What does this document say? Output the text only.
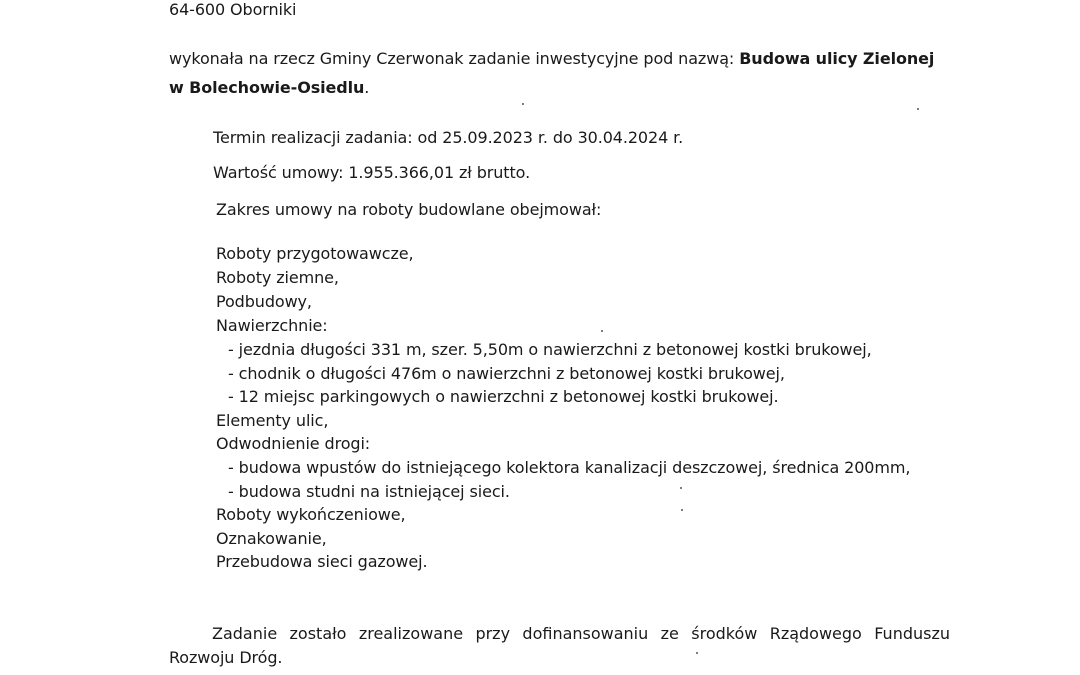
64-600 Oborniki
wykonała na rzecz Gminy Czerwonak zadanie inwestycyjne pod nazwą: Budowa ulicy Zielonej
w Bolechowie-Osiedlu.
Termin realizacji zadania: od 25.09.2023 r. do 30.04.2024 r.
Wartość umowy: 1.955.366,01 zł brutto.
Zakres umowy na roboty budowlane obejmował:
Roboty przygotowawcze,
Roboty ziemne,
Podbudowy,
Nawierzchnie:
- jezdnia długości 331 m, szer. 5,50m o nawierzchni z betonowej kostki brukowej,
- chodnik o długości 476m o nawierzchni z betonowej kostki brukowej,
- 12 miejsc parkingowych o nawierzchni z betonowej kostki brukowej.
Elementy ulic,
Odwodnienie drogi:
- budowa wpustów do istniejącego kolektora kanalizacji deszczowej, średnica 200mm,
- budowa studni na istniejącej sieci.
Roboty wykończeniowe,
Oznakowanie,
Przebudowa sieci gazowej.
Zadanie zostało zrealizowane przy dofinansowaniu ze środków Rządowego Funduszu
Rozwoju Dróg.
